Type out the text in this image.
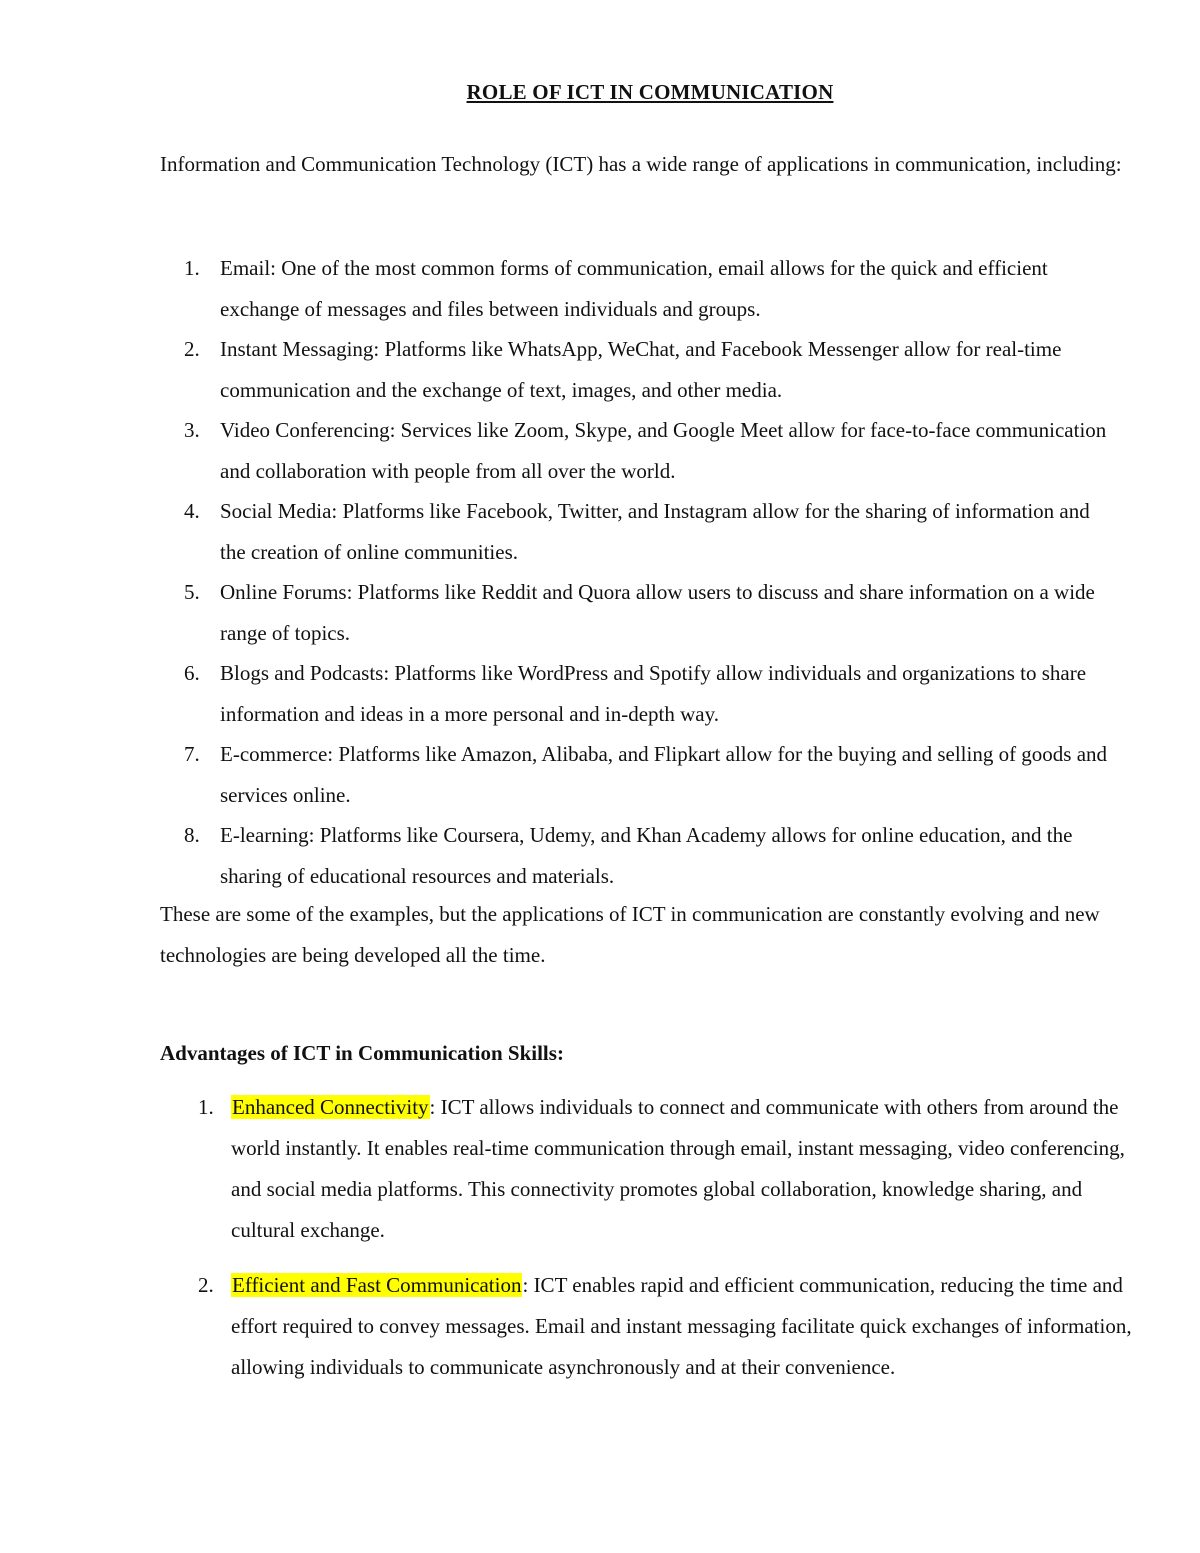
ROLE OF ICT IN COMMUNICATION

Information and Communication Technology (ICT) has a wide range of applications in communication, including:

1. Email: One of the most common forms of communication, email allows for the quick and efficient exchange of messages and files between individuals and groups.
2. Instant Messaging: Platforms like WhatsApp, WeChat, and Facebook Messenger allow for real-time communication and the exchange of text, images, and other media.
3. Video Conferencing: Services like Zoom, Skype, and Google Meet allow for face-to-face communication and collaboration with people from all over the world.
4. Social Media: Platforms like Facebook, Twitter, and Instagram allow for the sharing of information and the creation of online communities.
5. Online Forums: Platforms like Reddit and Quora allow users to discuss and share information on a wide range of topics.
6. Blogs and Podcasts: Platforms like WordPress and Spotify allow individuals and organizations to share information and ideas in a more personal and in-depth way.
7. E-commerce: Platforms like Amazon, Alibaba, and Flipkart allow for the buying and selling of goods and services online.
8. E-learning: Platforms like Coursera, Udemy, and Khan Academy allows for online education, and the sharing of educational resources and materials.

These are some of the examples, but the applications of ICT in communication are constantly evolving and new technologies are being developed all the time.

Advantages of ICT in Communication Skills:
1. Enhanced Connectivity: ICT allows individuals to connect and communicate with others from around the world instantly. It enables real-time communication through email, instant messaging, video conferencing, and social media platforms. This connectivity promotes global collaboration, knowledge sharing, and cultural exchange.
2. Efficient and Fast Communication: ICT enables rapid and efficient communication, reducing the time and effort required to convey messages. Email and instant messaging facilitate quick exchanges of information, allowing individuals to communicate asynchronously and at their convenience.
